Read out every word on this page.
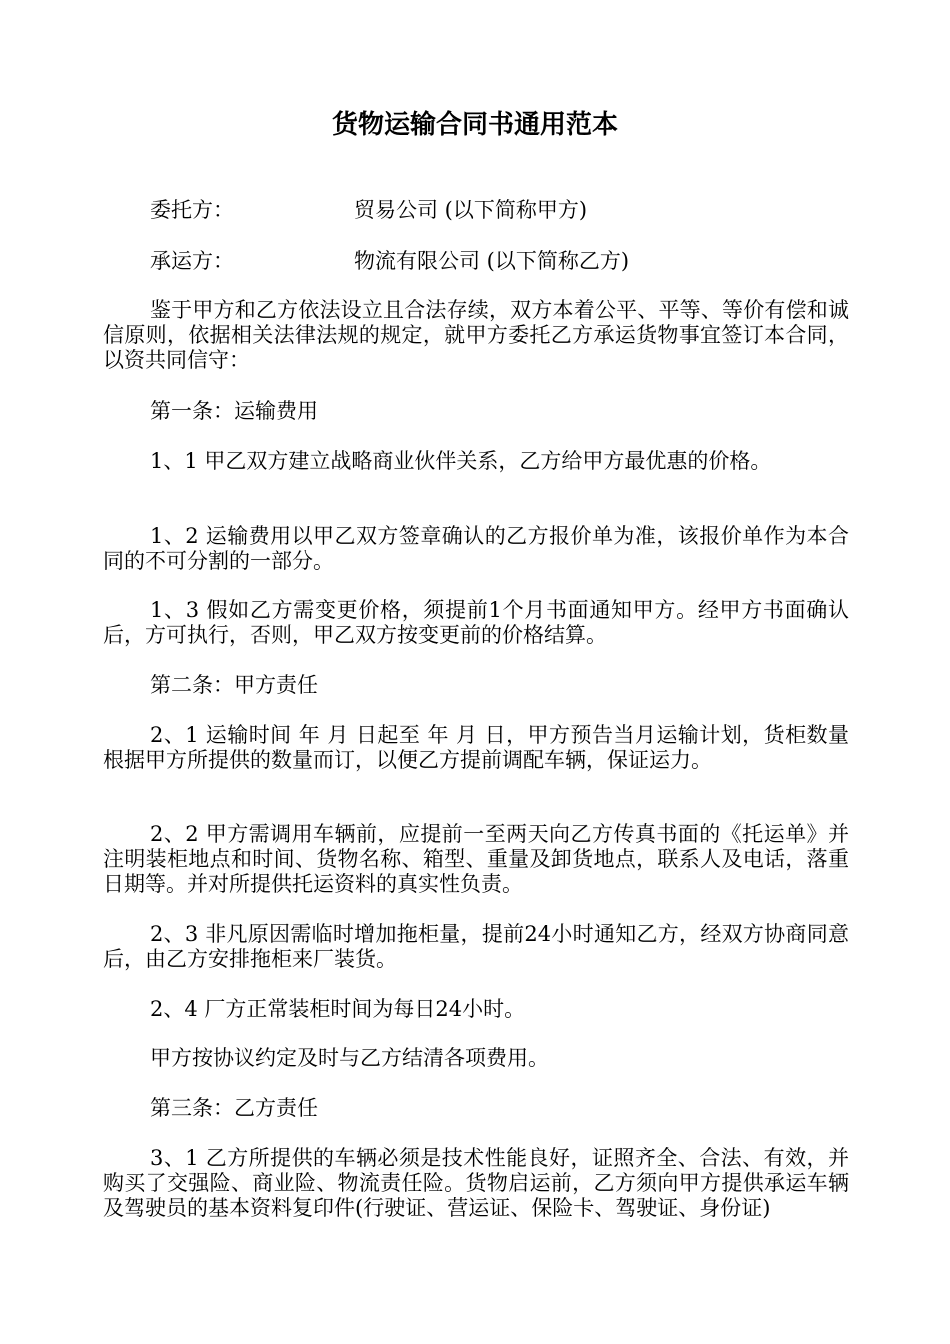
货物运输合同书通用范本
委托方：	贸易公司 (以下简称甲方)
承运方：	物流有限公司 (以下简称乙方)
鉴于甲方和乙方依法设立且合法存续，双方本着公平、平等、等价有偿和诚信原则，依据相关法律法规的规定，就甲方委托乙方承运货物事宜签订本合同，以资共同信守：
第一条：运输费用
1、1 甲乙双方建立战略商业伙伴关系，乙方给甲方最优惠的价格。
1、2 运输费用以甲乙双方签章确认的乙方报价单为准，该报价单作为本合同的不可分割的一部分。
1、3 假如乙方需变更价格，须提前1个月书面通知甲方。经甲方书面确认后，方可执行，否则，甲乙双方按变更前的价格结算。
第二条：甲方责任
2、1 运输时间 年 月 日起至 年 月 日，甲方预告当月运输计划，货柜数量根据甲方所提供的数量而订，以便乙方提前调配车辆，保证运力。
2、2 甲方需调用车辆前，应提前一至两天向乙方传真书面的《托运单》并注明装柜地点和时间、货物名称、箱型、重量及卸货地点，联系人及电话，落重日期等。并对所提供托运资料的真实性负责。
2、3 非凡原因需临时增加拖柜量，提前24小时通知乙方，经双方协商同意后，由乙方安排拖柜来厂装货。
2、4 厂方正常装柜时间为每日24小时。
甲方按协议约定及时与乙方结清各项费用。
第三条：乙方责任
3、1 乙方所提供的车辆必须是技术性能良好，证照齐全、合法、有效，并购买了交强险、商业险、物流责任险。货物启运前，乙方须向甲方提供承运车辆及驾驶员的基本资料复印件(行驶证、营运证、保险卡、驾驶证、身份证)
